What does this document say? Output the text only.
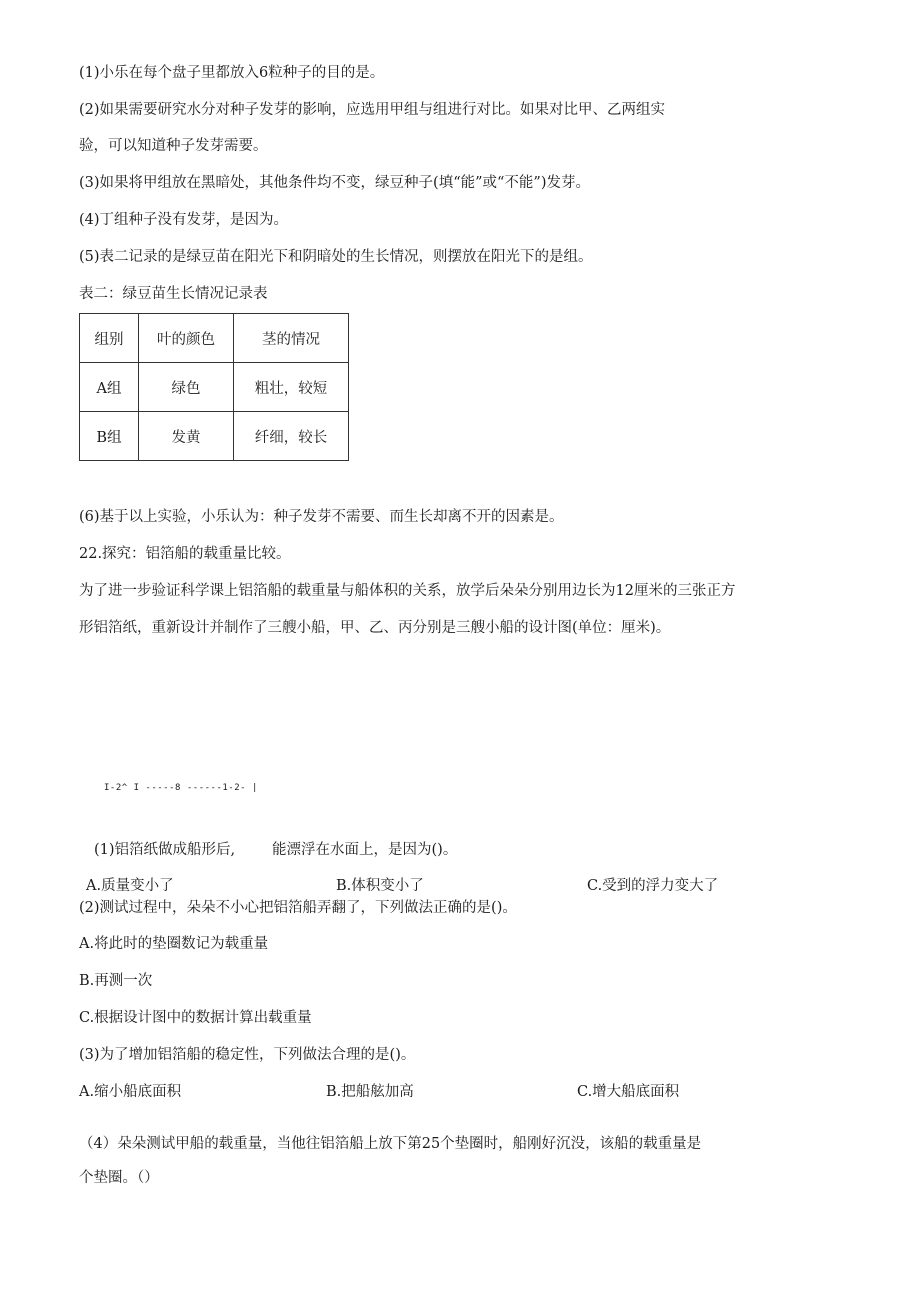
(1)小乐在每个盘子里都放入6粒种子的目的是。
(2)如果需要研究水分对种子发芽的影响，应选用甲组与组进行对比。如果对比甲、乙两组实
验，可以知道种子发芽需要。
(3)如果将甲组放在黑暗处，其他条件均不变，绿豆种子(填“能”或“不能”)发芽。
(4)丁组种子没有发芽，是因为。
(5)表二记录的是绿豆苗在阳光下和阴暗处的生长情况，则摆放在阳光下的是组。
表二：绿豆苗生长情况记录表
组别	叶的颜色	茎的情况
A组	绿色	粗壮，较短
B组	发黄	纤细，较长
(6)基于以上实验，小乐认为：种子发芽不需要、而生长却离不开的因素是。
22.探究：铝箔船的载重量比较。
为了进一步验证科学课上铝箔船的载重量与船体积的关系，放学后朵朵分别用边长为12厘米的三张正方
形铝箔纸，重新设计并制作了三艘小船，甲、乙、丙分别是三艘小船的设计图(单位：厘米)。
I-2^ I -----8 ------1-2- |
(1)铝箔纸做成船形后,	能漂浮在水面上，是因为()。
A.质量变小了	B.体积变小了	C.受到的浮力变大了
(2)测试过程中，朵朵不小心把铝箔船弄翻了，下列做法正确的是()。
A.将此时的垫圈数记为载重量
B.再测一次
C.根据设计图中的数据计算出载重量
(3)为了增加铝箔船的稳定性，下列做法合理的是()。
A.缩小船底面积	B.把船舷加高	C.增大船底面积
（4）朵朵测试甲船的载重量，当他往铝箔船上放下第25个垫圈时，船刚好沉没，该船的载重量是
个垫圈。（）
